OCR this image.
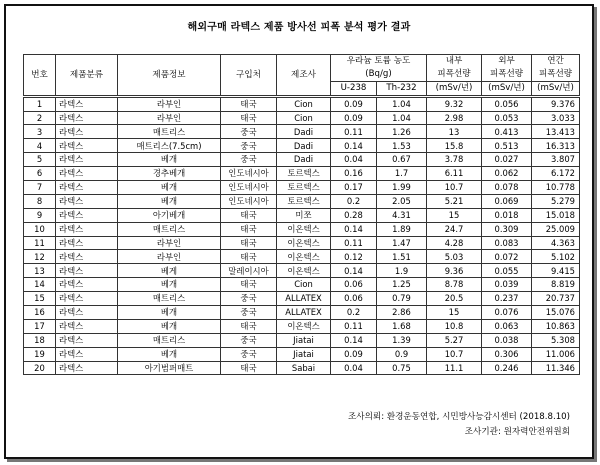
해외구매 라텍스 제품 방사선 피폭 분석 평가 결과
번호	제품분류	제품정보	구입처	제조사	우라늄 토륨 농도		내부	외부	연간
					(Bq/g)		피폭선량	피폭선량	피폭선량
					U-238	Th-232	(mSv/년)	(mSv/년)	(mSv/년)
1	라텍스	라부인	태국	Cion	0.09	1.04	9.32	0.056	9.376
2	라텍스	라부인	태국	Cion	0.09	1.04	2.98	0.053	3.033
3	라텍스	매트리스	중국	Dadi	0.11	1.26	13	0.413	13.413
4	라텍스	매트리스(7.5cm)	중국	Dadi	0.14	1.53	15.8	0.513	16.313
5	라텍스	베개	중국	Dadi	0.04	0.67	3.78	0.027	3.807
6	라텍스	경추베개	인도네시아	토르텍스	0.16	1.7	6.11	0.062	6.172
7	라텍스	베개	인도네시아	토르텍스	0.17	1.99	10.7	0.078	10.778
8	라텍스	베개	인도네시아	토르텍스	0.2	2.05	5.21	0.069	5.279
9	라텍스	아기베개	태국	미쪼	0.28	4.31	15	0.018	15.018
10	라텍스	매트리스	태국	이온텍스	0.14	1.89	24.7	0.309	25.009
11	라텍스	라부인	태국	이온텍스	0.11	1.47	4.28	0.083	4.363
12	라텍스	라부인	태국	이온텍스	0.12	1.51	5.03	0.072	5.102
13	라텍스	베게	말레이시아	이온텍스	0.14	1.9	9.36	0.055	9.415
14	라텍스	베개	태국	Cion	0.06	1.25	8.78	0.039	8.819
15	라텍스	매트리스	중국	ALLATEX	0.06	0.79	20.5	0.237	20.737
16	라텍스	베개	중국	ALLATEX	0.2	2.86	15	0.076	15.076
17	라텍스	베개	태국	이온텍스	0.11	1.68	10.8	0.063	10.863
18	라텍스	매트리스	중국	Jiatai	0.14	1.39	5.27	0.038	5.308
19	라텍스	베개	중국	Jiatai	0.09	0.9	10.7	0.306	11.006
20	라텍스	아기범퍼매트	태국	Sabai	0.04	0.75	11.1	0.246	11.346
조사의뢰: 환경운동연합, 시민방사능감시센터 (2018.8.10)
조사기관: 원자력안전위원회
